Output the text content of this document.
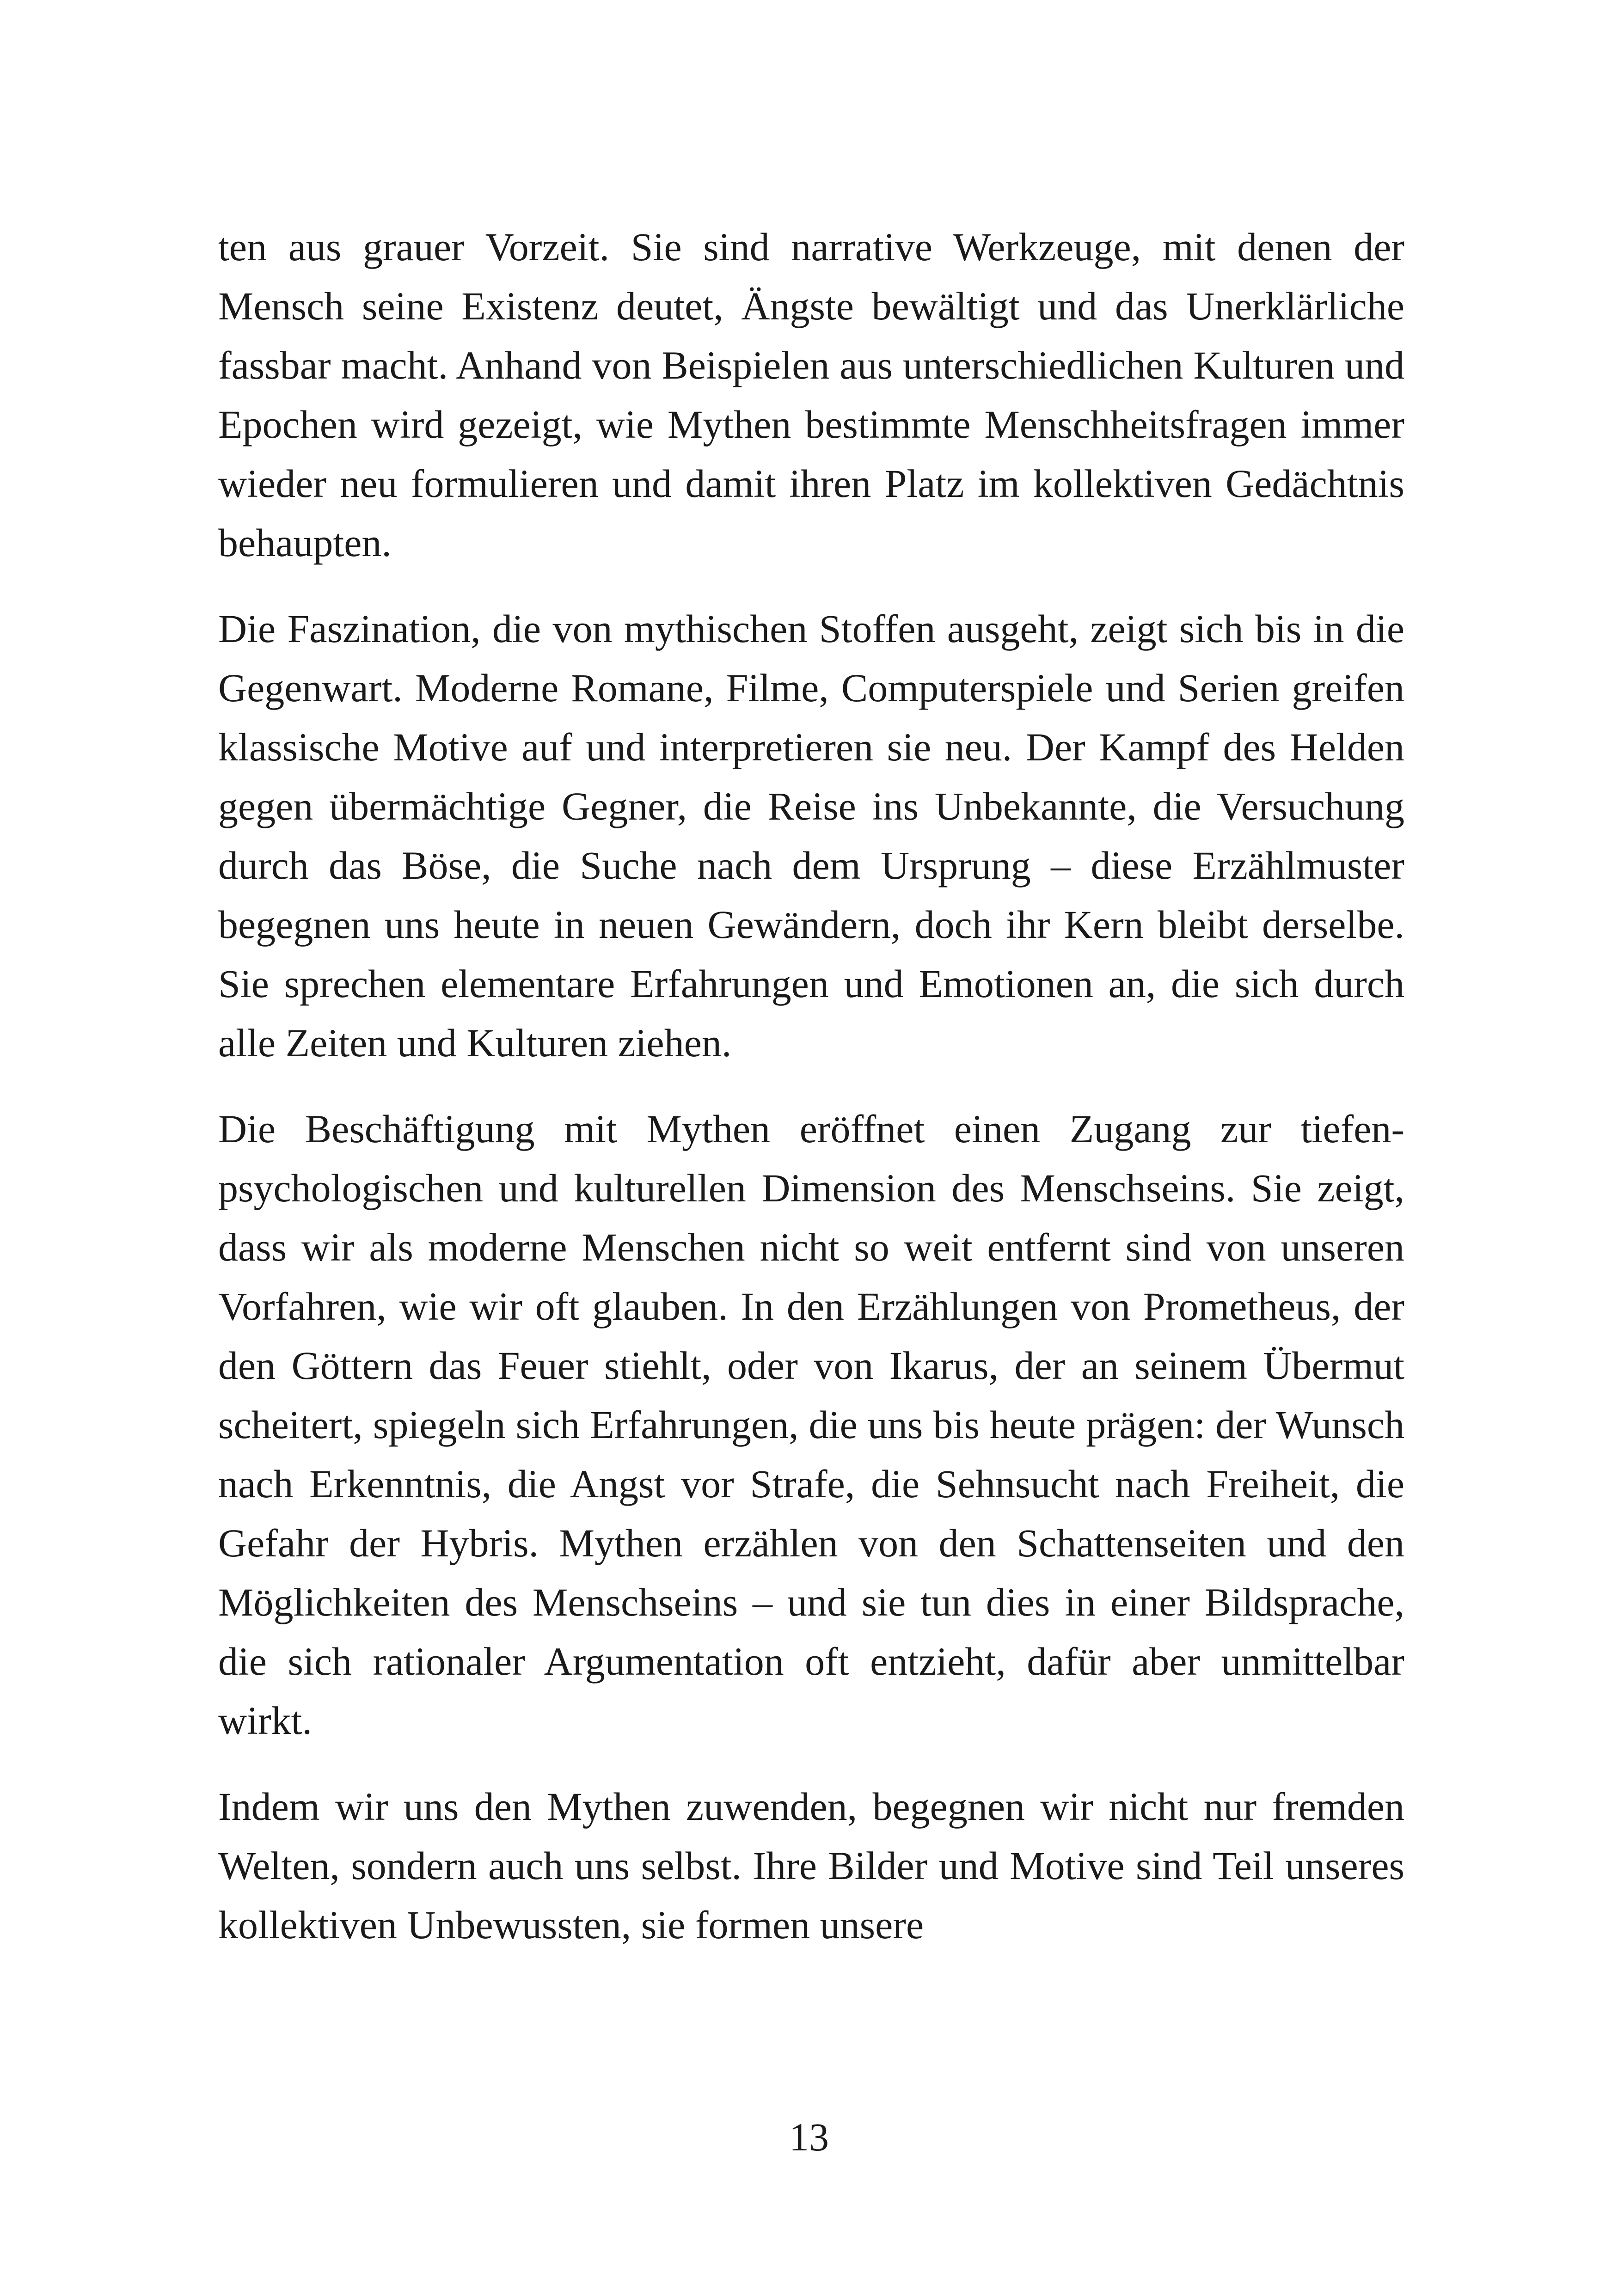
ten aus grauer Vorzeit. Sie sind narrative Werkzeuge, mit denen der Mensch seine Existenz deutet, Ängste bewältigt und das Unerklärliche fassbar macht. Anhand von Beispielen aus unterschiedlichen Kulturen und Epochen wird gezeigt, wie Mythen bestimmte Menschheitsfragen immer wieder neu formulieren und damit ihren Platz im kollektiven Gedächtnis behaupten.

Die Faszination, die von mythischen Stoffen ausgeht, zeigt sich bis in die Gegenwart. Moderne Romane, Filme, Computerspiele und Serien greifen klassische Motive auf und interpretieren sie neu. Der Kampf des Helden gegen übermächtige Gegner, die Reise ins Unbekannte, die Versuchung durch das Böse, die Suche nach dem Ursprung – diese Erzählmuster begegnen uns heute in neuen Gewändern, doch ihr Kern bleibt derselbe. Sie sprechen elementare Erfahrungen und Emotionen an, die sich durch alle Zeiten und Kulturen ziehen.

Die Beschäftigung mit Mythen eröffnet einen Zugang zur tiefenpsychologischen und kulturellen Dimension des Menschseins. Sie zeigt, dass wir als moderne Menschen nicht so weit entfernt sind von unseren Vorfahren, wie wir oft glauben. In den Erzählungen von Prometheus, der den Göttern das Feuer stiehlt, oder von Ikarus, der an seinem Übermut scheitert, spiegeln sich Erfahrungen, die uns bis heute prägen: der Wunsch nach Erkenntnis, die Angst vor Strafe, die Sehnsucht nach Freiheit, die Gefahr der Hybris. Mythen erzählen von den Schattenseiten und den Möglichkeiten des Menschseins – und sie tun dies in einer Bildsprache, die sich rationaler Argumentation oft entzieht, dafür aber unmittelbar wirkt.

Indem wir uns den Mythen zuwenden, begegnen wir nicht nur fremden Welten, sondern auch uns selbst. Ihre Bilder und Motive sind Teil unseres kollektiven Unbewussten, sie formen unsere

13
